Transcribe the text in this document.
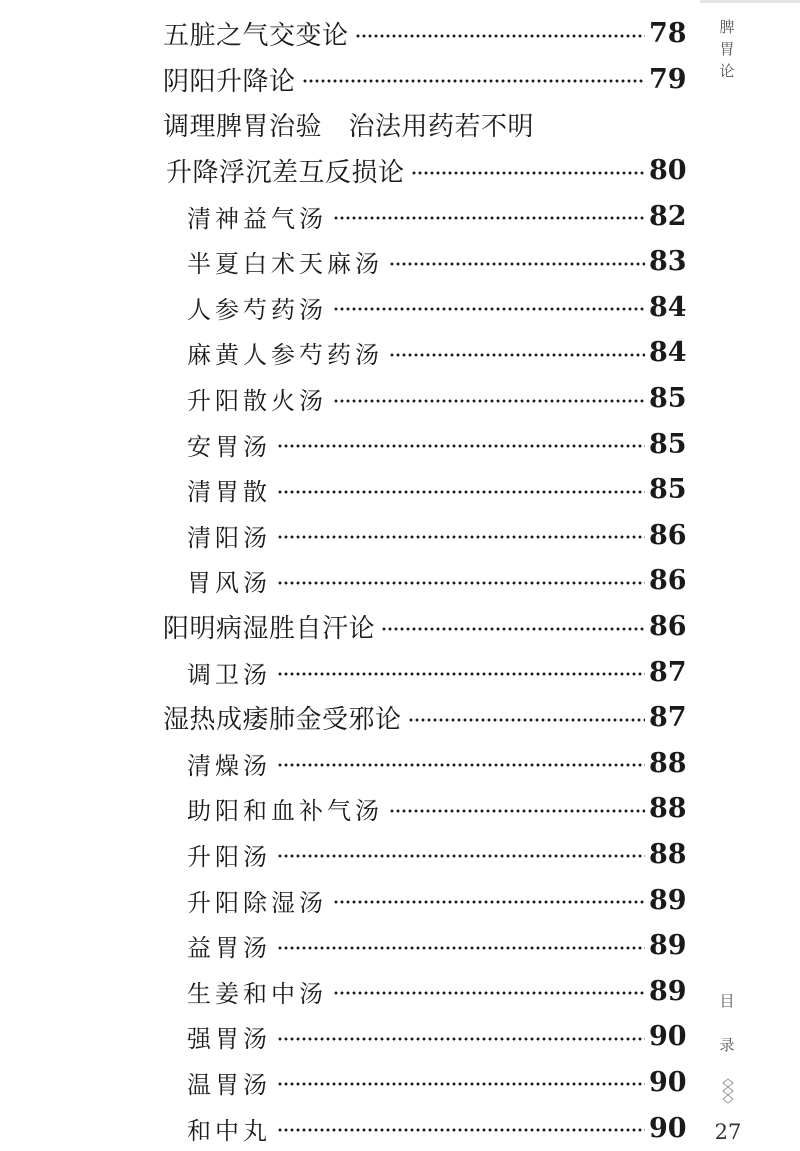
五脏之气交变论	78
阴阳升降论	79
调理脾胃治验　治法用药若不明
升降浮沉差互反损论	80
清神益气汤	82
半夏白术天麻汤	83
人参芍药汤	84
麻黄人参芍药汤	84
升阳散火汤	85
安胃汤	85
清胃散	85
清阳汤	86
胃风汤	86
阳明病湿胜自汗论	86
调卫汤	87
湿热成痿肺金受邪论	87
清燥汤	88
助阳和血补气汤	88
升阳汤	88
升阳除湿汤	89
益胃汤	89
生姜和中汤	89
强胃汤	90
温胃汤	90
和中丸	90
脾
胃
论
目
录
27
